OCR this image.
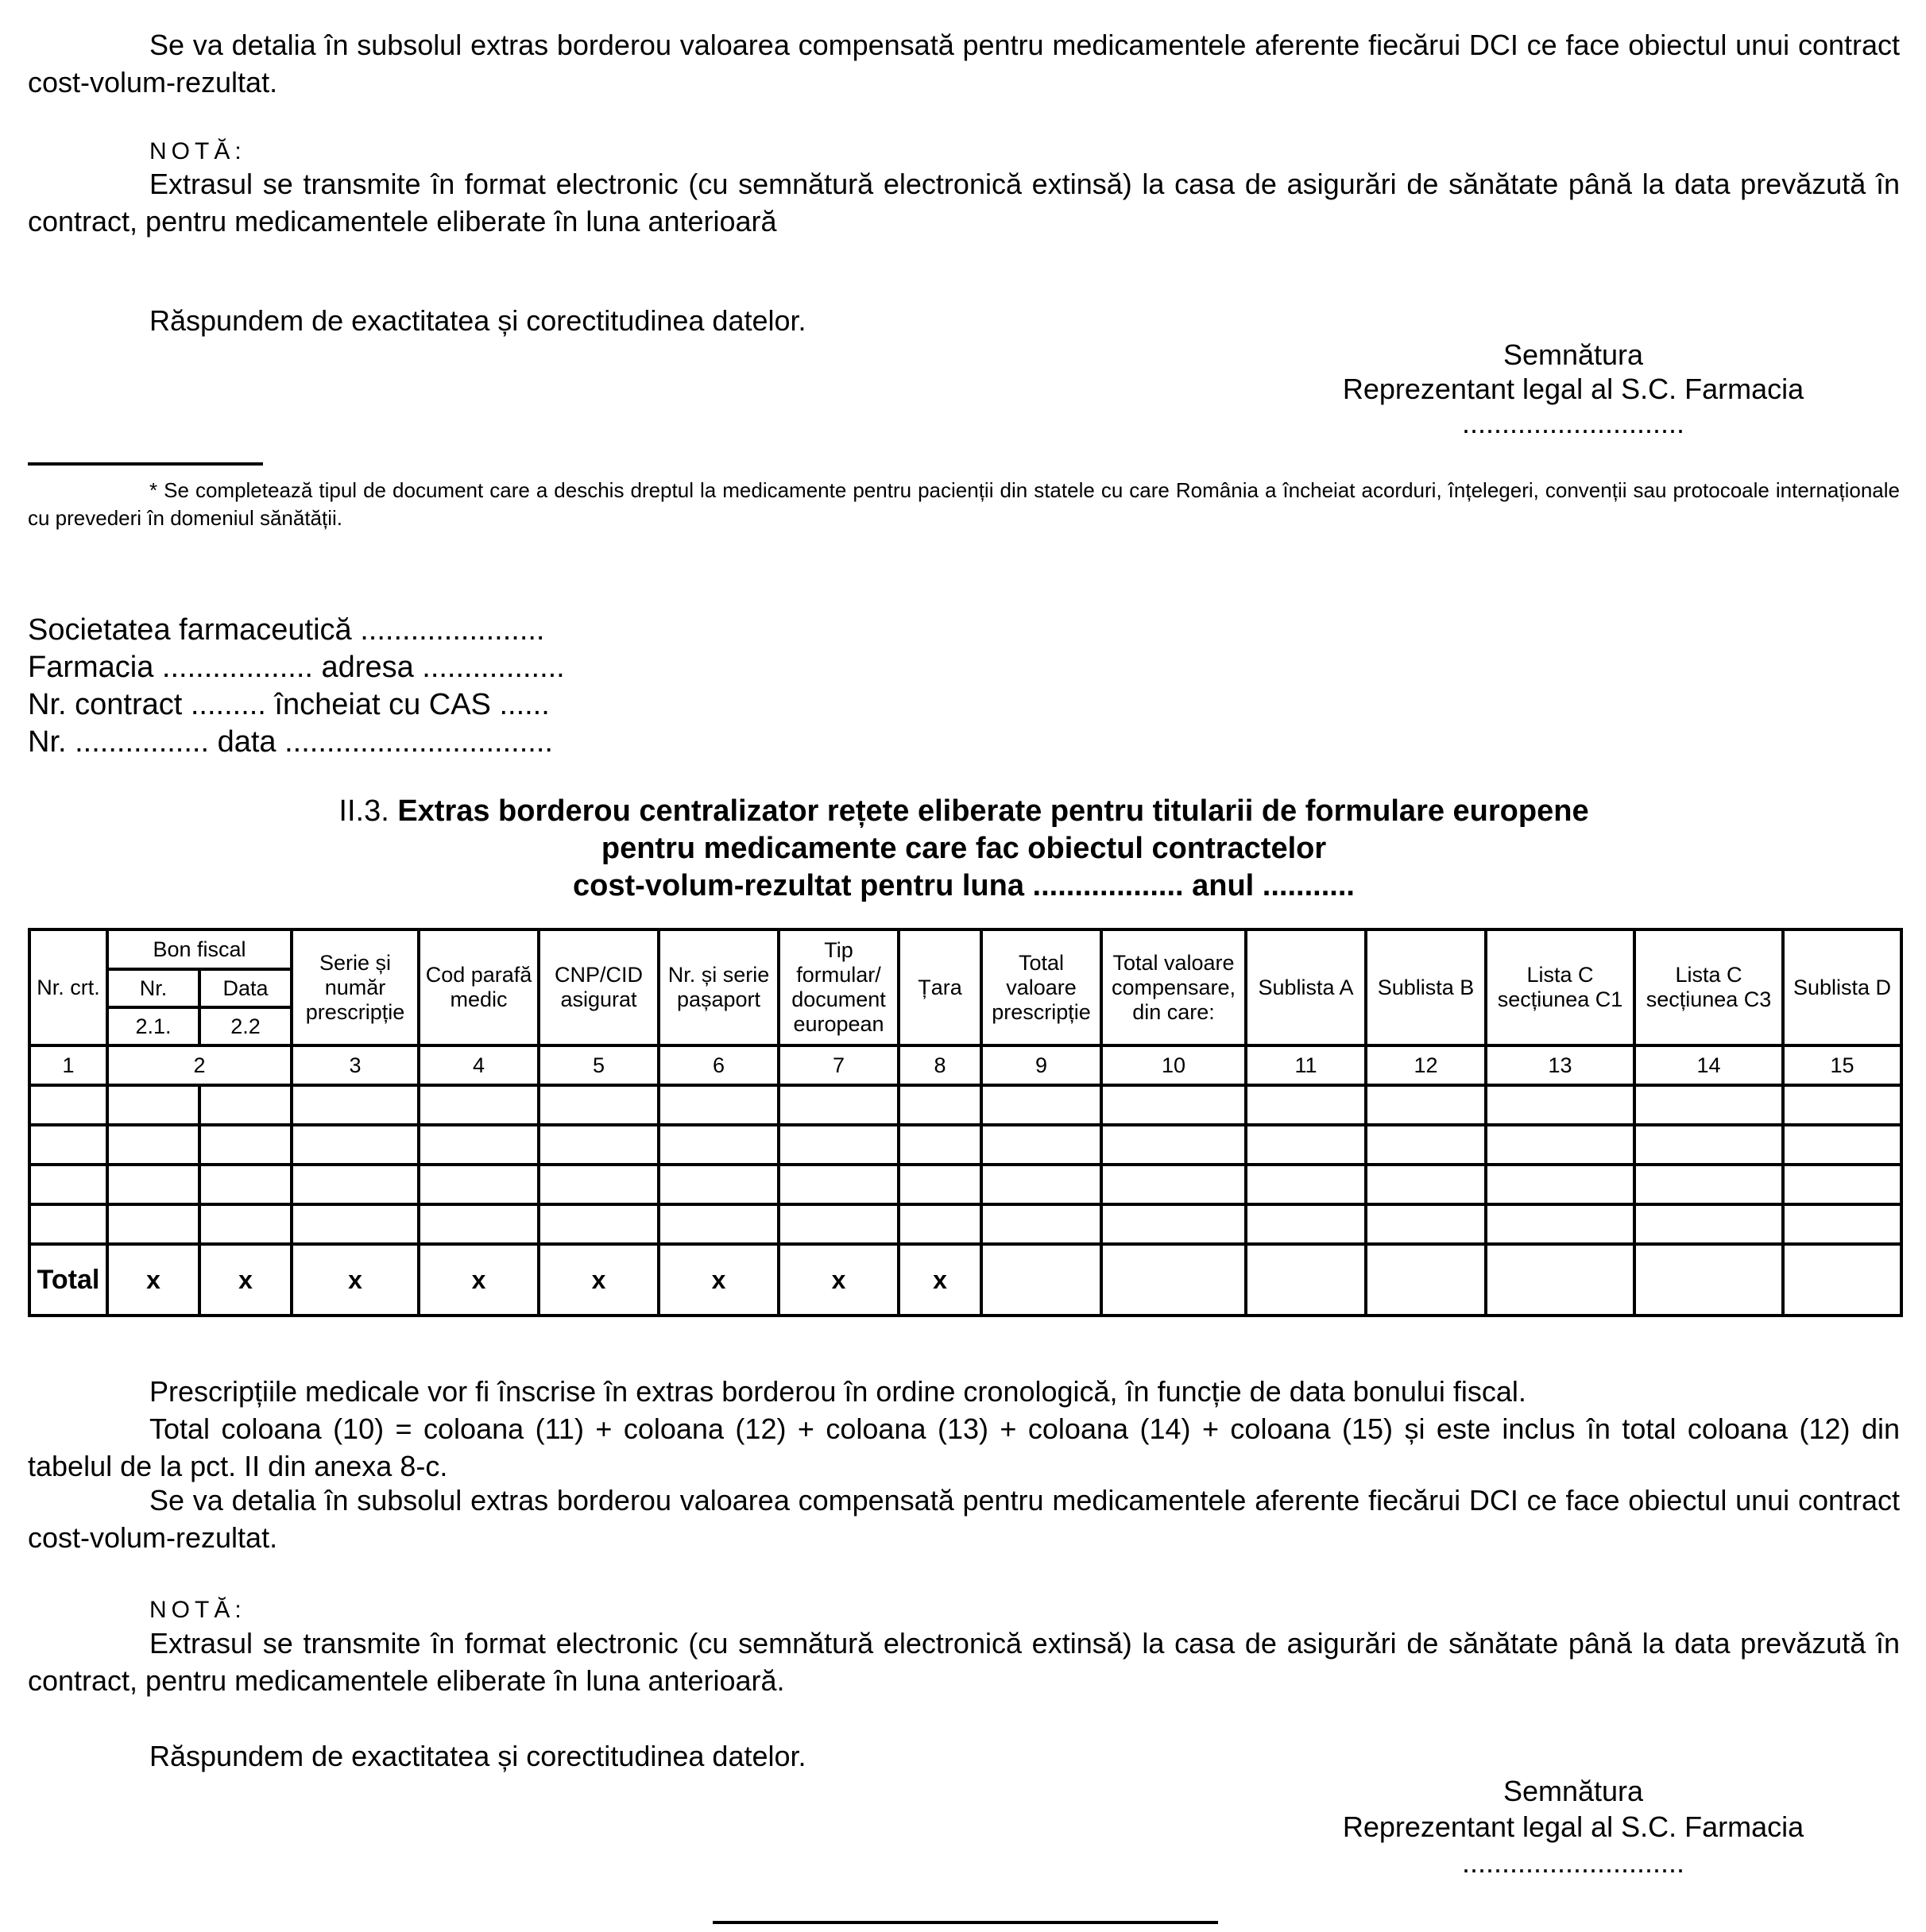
Se va detalia în subsolul extras borderou valoarea compensată pentru medicamentele aferente fiecărui DCI ce face obiectul unui contract cost-volum-rezultat.
NOTĂ:
Extrasul se transmite în format electronic (cu semnătură electronică extinsă) la casa de asigurări de sănătate până la data prevăzută în contract, pentru medicamentele eliberate în luna anterioară
Răspundem de exactitatea și corectitudinea datelor.
Semnătura
Reprezentant legal al S.C. Farmacia
............................
* Se completează tipul de document care a deschis dreptul la medicamente pentru pacienții din statele cu care România a încheiat acorduri, înțelegeri, convenții sau protocoale internaționale cu prevederi în domeniul sănătății.
Societatea farmaceutică ......................
Farmacia .................. adresa .................
Nr. contract ......... încheiat cu CAS ......
Nr. ................ data ................................
II.3. Extras borderou centralizator rețete eliberate pentru titularii de formulare europene
pentru medicamente care fac obiectul contractelor
cost-volum-rezultat pentru luna .................. anul ...........
Nr. crt.	Bon fiscal		Serie și număr prescripție	Cod parafă medic	CNP/CID asigurat	Nr. și serie pașaport	Tip formular/ document european	Țara	Total valoare prescripție	Total valoare compensare, din care:	Sublista A	Sublista B	Lista C secțiunea C1	Lista C secțiunea C3	Sublista D
	Nr.	Data													
	2.1.	2.2													
1	2		3	4	5	6	7	8	9	10	11	12	13	14	15

Total	x	x	x	x	x	x	x	x							
Prescripțiile medicale vor fi înscrise în extras borderou în ordine cronologică, în funcție de data bonului fiscal.
Total coloana (10) = coloana (11) + coloana (12) + coloana (13) + coloana (14) + coloana (15) și este inclus în total coloana (12) din tabelul de la pct. II din anexa 8-c.
Se va detalia în subsolul extras borderou valoarea compensată pentru medicamentele aferente fiecărui DCI ce face obiectul unui contract cost-volum-rezultat.
NOTĂ:
Extrasul se transmite în format electronic (cu semnătură electronică extinsă) la casa de asigurări de sănătate până la data prevăzută în contract, pentru medicamentele eliberate în luna anterioară.
Răspundem de exactitatea și corectitudinea datelor.
Semnătura
Reprezentant legal al S.C. Farmacia
............................
